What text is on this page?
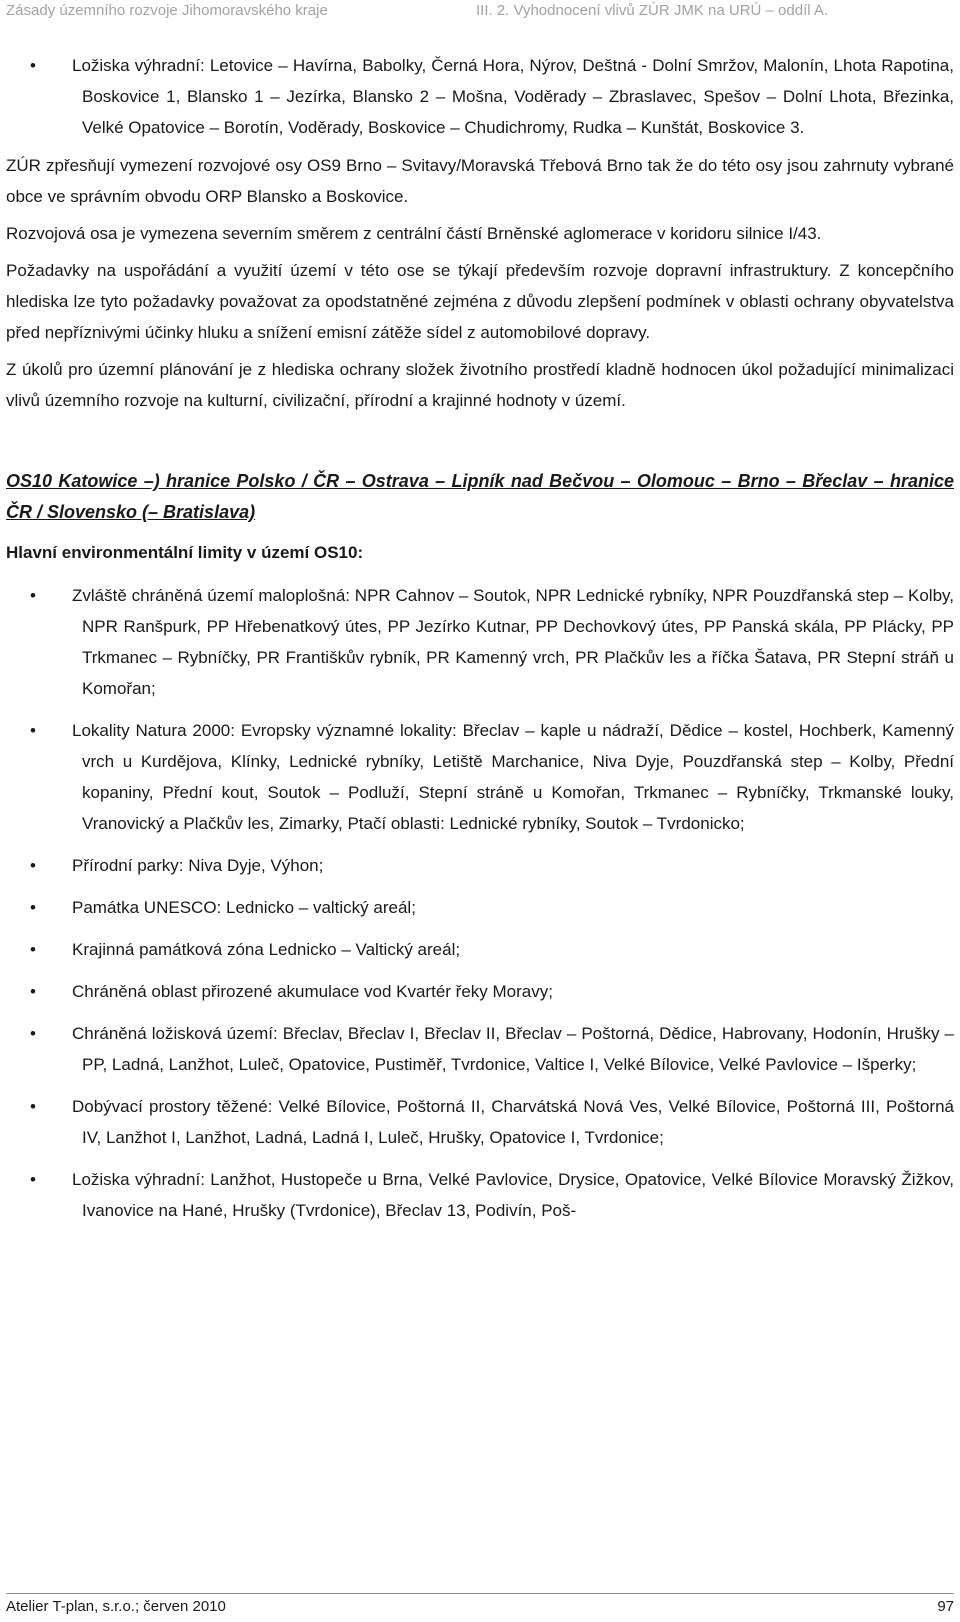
Zásady územního rozvoje Jihomoravského kraje	III. 2. Vyhodnocení vlivů ZÚR JMK na URÚ – oddíl A.
•	Ložiska výhradní: Letovice – Havírna, Babolky, Černá Hora, Nýrov, Deštná - Dolní Smržov, Malonín, Lhota Rapotina, Boskovice 1, Blansko 1 – Jezírka, Blansko 2 – Mošna, Voděrady – Zbraslavec, Spešov – Dolní Lhota, Březinka, Velké Opatovice – Borotín, Voděrady, Boskovice – Chudichromy, Rudka – Kunštát, Boskovice 3.

ZÚR zpřesňují vymezení rozvojové osy OS9 Brno – Svitavy/Moravská Třebová Brno tak že do této osy jsou zahrnuty vybrané obce ve správním obvodu ORP Blansko a Boskovice.

Rozvojová osa je vymezena severním směrem z centrální částí Brněnské aglomerace v koridoru silnice I/43.

Požadavky na uspořádání a využití území v této ose se týkají především rozvoje dopravní infrastruktury. Z koncepčního hlediska lze tyto požadavky považovat za opodstatněné zejména z důvodu zlepšení podmínek v oblasti ochrany obyvatelstva před nepříznivými účinky hluku a snížení emisní zátěže sídel z automobilové dopravy.

Z úkolů pro územní plánování je z hlediska ochrany složek životního prostředí kladně hodnocen úkol požadující minimalizaci vlivů územního rozvoje na kulturní, civilizační, přírodní a krajinné hodnoty v území.

OS10 Katowice –) hranice Polsko / ČR – Ostrava – Lipník nad Bečvou – Olomouc – Brno – Břeclav – hranice ČR / Slovensko (– Bratislava)
Hlavní environmentální limity v území OS10:
•	Zvláště chráněná území maloplošná: NPR Cahnov – Soutok, NPR Lednické rybníky, NPR Pouzdřanská step – Kolby, NPR Ranšpurk, PP Hřebenatkový útes, PP Jezírko Kutnar, PP Dechovkový útes, PP Panská skála, PP Plácky, PP Trkmanec – Rybníčky, PR Františkův rybník, PR Kamenný vrch, PR Plačkův les a říčka Šatava, PR Stepní stráň u Komořan;
•	Lokality Natura 2000: Evropsky významné lokality: Břeclav – kaple u nádraží, Dědice – kostel, Hochberk, Kamenný vrch u Kurdějova, Klínky, Lednické rybníky, Letiště Marchanice, Niva Dyje, Pouzdřanská step – Kolby, Přední kopaniny, Přední kout, Soutok – Podluží, Stepní stráně u Komořan, Trkmanec – Rybníčky, Trkmanské louky, Vranovický a Plačkův les, Zimarky, Ptačí oblasti: Lednické rybníky, Soutok – Tvrdonicko;
•	Přírodní parky: Niva Dyje, Výhon;
•	Památka UNESCO: Lednicko – valtický areál;
•	Krajinná památková zóna Lednicko – Valtický areál;
•	Chráněná oblast přirozené akumulace vod Kvartér řeky Moravy;
•	Chráněná ložisková území: Břeclav, Břeclav I, Břeclav II, Břeclav – Poštorná, Dědice, Habrovany, Hodonín, Hrušky – PP, Ladná, Lanžhot, Luleč, Opatovice, Pustiměř, Tvrdonice, Valtice I, Velké Bílovice, Velké Pavlovice – Išperky;
•	Dobývací prostory těžené: Velké Bílovice, Poštorná II, Charvátská Nová Ves, Velké Bílovice, Poštorná III, Poštorná IV, Lanžhot I, Lanžhot, Ladná, Ladná I, Luleč, Hrušky, Opatovice I, Tvrdonice;
•	Ložiska výhradní: Lanžhot, Hustopeče u Brna, Velké Pavlovice, Drysice, Opatovice, Velké Bílovice Moravský Žižkov, Ivanovice na Hané, Hrušky (Tvrdonice), Břeclav 13, Podivín, Poš-
Atelier T-plan, s.r.o.; červen 2010	97
